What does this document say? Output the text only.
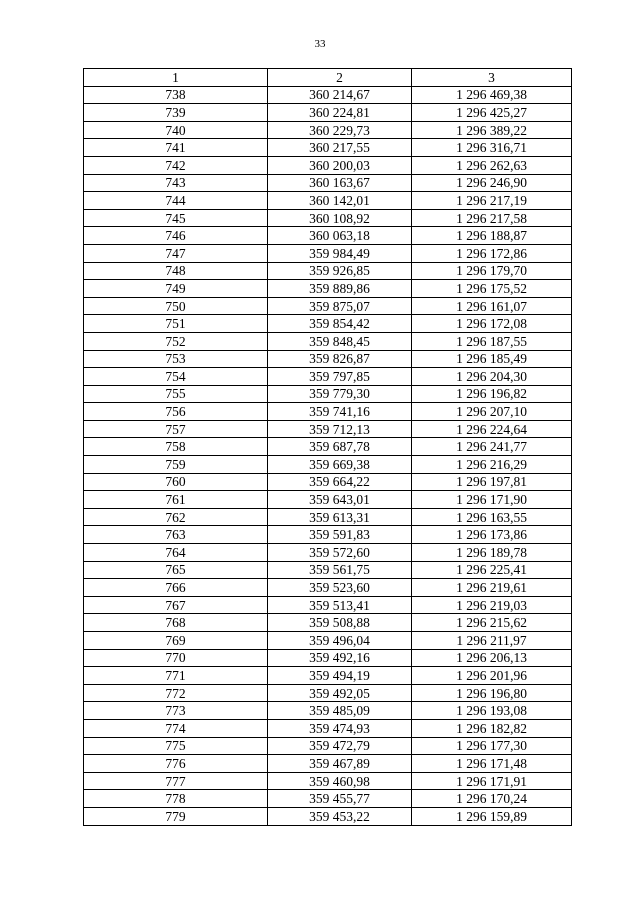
33
1	2	3
738	360 214,67	1 296 469,38
739	360 224,81	1 296 425,27
740	360 229,73	1 296 389,22
741	360 217,55	1 296 316,71
742	360 200,03	1 296 262,63
743	360 163,67	1 296 246,90
744	360 142,01	1 296 217,19
745	360 108,92	1 296 217,58
746	360 063,18	1 296 188,87
747	359 984,49	1 296 172,86
748	359 926,85	1 296 179,70
749	359 889,86	1 296 175,52
750	359 875,07	1 296 161,07
751	359 854,42	1 296 172,08
752	359 848,45	1 296 187,55
753	359 826,87	1 296 185,49
754	359 797,85	1 296 204,30
755	359 779,30	1 296 196,82
756	359 741,16	1 296 207,10
757	359 712,13	1 296 224,64
758	359 687,78	1 296 241,77
759	359 669,38	1 296 216,29
760	359 664,22	1 296 197,81
761	359 643,01	1 296 171,90
762	359 613,31	1 296 163,55
763	359 591,83	1 296 173,86
764	359 572,60	1 296 189,78
765	359 561,75	1 296 225,41
766	359 523,60	1 296 219,61
767	359 513,41	1 296 219,03
768	359 508,88	1 296 215,62
769	359 496,04	1 296 211,97
770	359 492,16	1 296 206,13
771	359 494,19	1 296 201,96
772	359 492,05	1 296 196,80
773	359 485,09	1 296 193,08
774	359 474,93	1 296 182,82
775	359 472,79	1 296 177,30
776	359 467,89	1 296 171,48
777	359 460,98	1 296 171,91
778	359 455,77	1 296 170,24
779	359 453,22	1 296 159,89
